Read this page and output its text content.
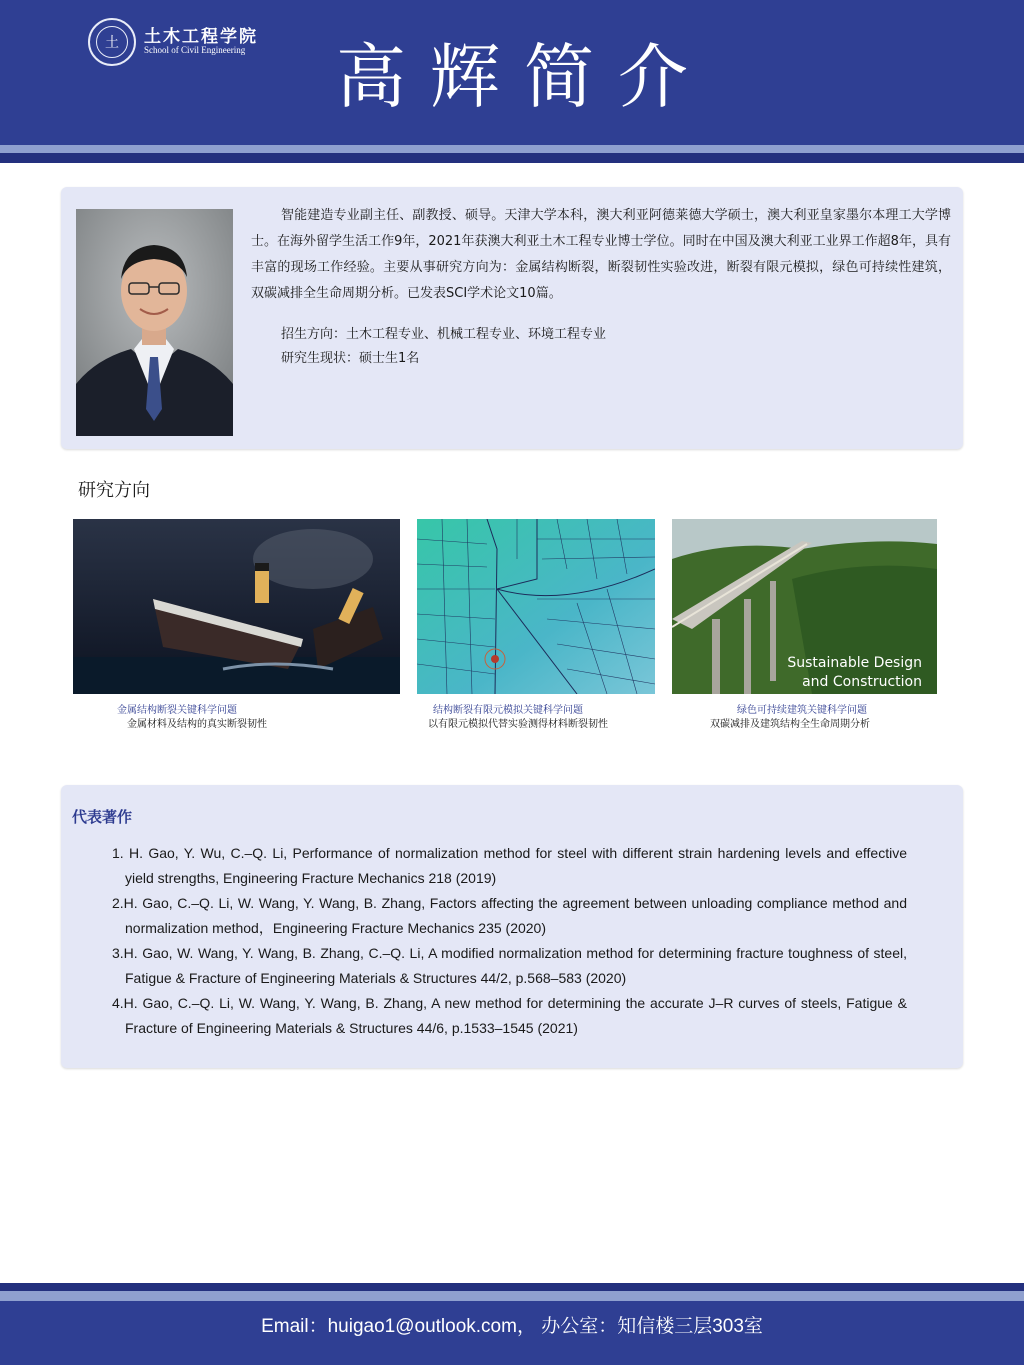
土	土木工程学院
School of Civil Engineering 高辉简介

智能建造专业副主任、副教授、硕导。天津大学本科，澳大利亚阿德莱德大学硕士，澳大利亚皇家墨尔本理工大学博士。在海外留学生活工作9年，2021年获澳大利亚土木工程专业博士学位。同时在中国及澳大利亚工业界工作超8年，具有丰富的现场工作经验。主要从事研究方向为：金属结构断裂，断裂韧性实验改进，断裂有限元模拟，绿色可持续性建筑，双碳减排全生命周期分析。已发表SCI学术论文10篇。

招生方向：土木工程专业、机械工程专业、环境工程专业
研究生现状：硕士生1名
研究方向
Sustainable Design
and Construction
金属结构断裂关键科学问题
金属材料及结构的真实断裂韧性
结构断裂有限元模拟关键科学问题
以有限元模拟代替实验测得材料断裂韧性
绿色可持续建筑关键科学问题
双碳减排及建筑结构全生命周期分析
代表著作
1. H. Gao, Y. Wu, C.–Q. Li, Performance of normalization method for steel with different strain hardening levels and effective yield strengths, Engineering Fracture Mechanics 218 (2019)
2.H. Gao, C.–Q. Li, W. Wang, Y. Wang, B. Zhang, Factors affecting the agreement between unloading compliance method and normalization method，Engineering Fracture Mechanics 235 (2020)
3.H. Gao, W. Wang, Y. Wang, B. Zhang, C.–Q. Li, A modified normalization method for determining fracture toughness of steel, Fatigue & Fracture of Engineering Materials & Structures 44/2, p.568–583 (2020)
4.H. Gao, C.–Q. Li, W. Wang, Y. Wang, B. Zhang, A new method for determining the accurate J–R curves of steels, Fatigue & Fracture of Engineering Materials & Structures 44/6, p.1533–1545 (2021)
Email：huigao1@outlook.com， 办公室：知信楼三层303室
